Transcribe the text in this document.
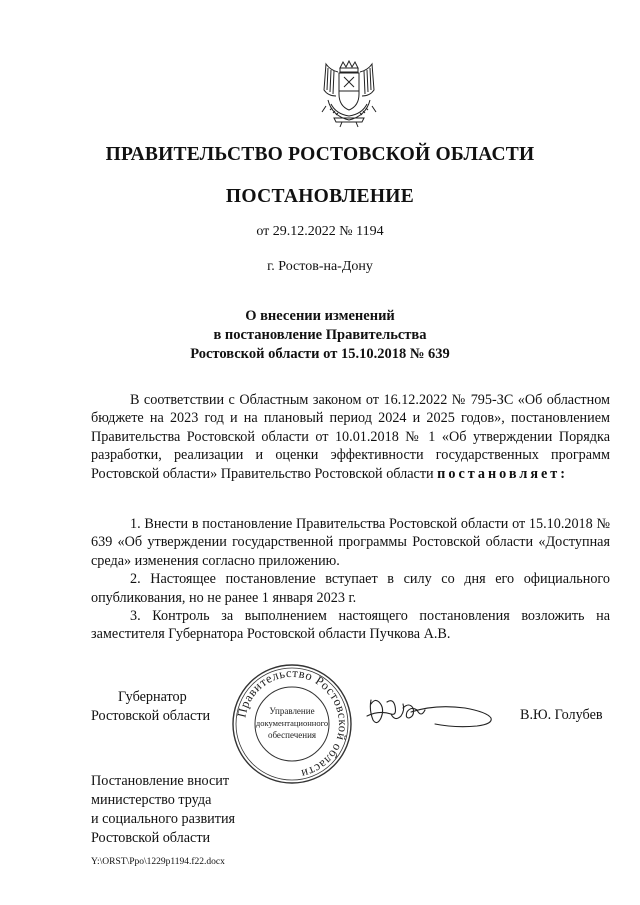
ПРАВИТЕЛЬСТВО РОСТОВСКОЙ ОБЛАСТИ
ПОСТАНОВЛЕНИЕ
от 29.12.2022 № 1194
г. Ростов-на-Дону
О внесении изменений
в постановление Правительства
Ростовской области от 15.10.2018 № 639
В соответствии с Областным законом от 16.12.2022 № 795-ЗС «Об областном бюджете на 2023 год и на плановый период 2024 и 2025 годов», постановлением Правительства Ростовской области от 10.01.2018 № 1 «Об утверждении Порядка разработки, реализации и оценки эффективности государственных программ Ростовской области» Правительство Ростовской области постановляет:

1. Внести в постановление Правительства Ростовской области от 15.10.2018 № 639 «Об утверждении государственной программы Ростовской области «Доступная среда» изменения согласно приложению.

2. Настоящее постановление вступает в силу со дня его официального опубликования, но не ранее 1 января 2023 г.

3. Контроль за выполнением настоящего постановления возложить на заместителя Губернатора Ростовской области Пучкова А.В.

Губернатор
Ростовской области Правительство Ростовской области
Управление
документационного
обеспечения
В.Ю. Голубев
Постановление вносит
министерство труда
и социального развития
Ростовской области
Y:\ORST\Ppo\1229p1194.f22.docx
